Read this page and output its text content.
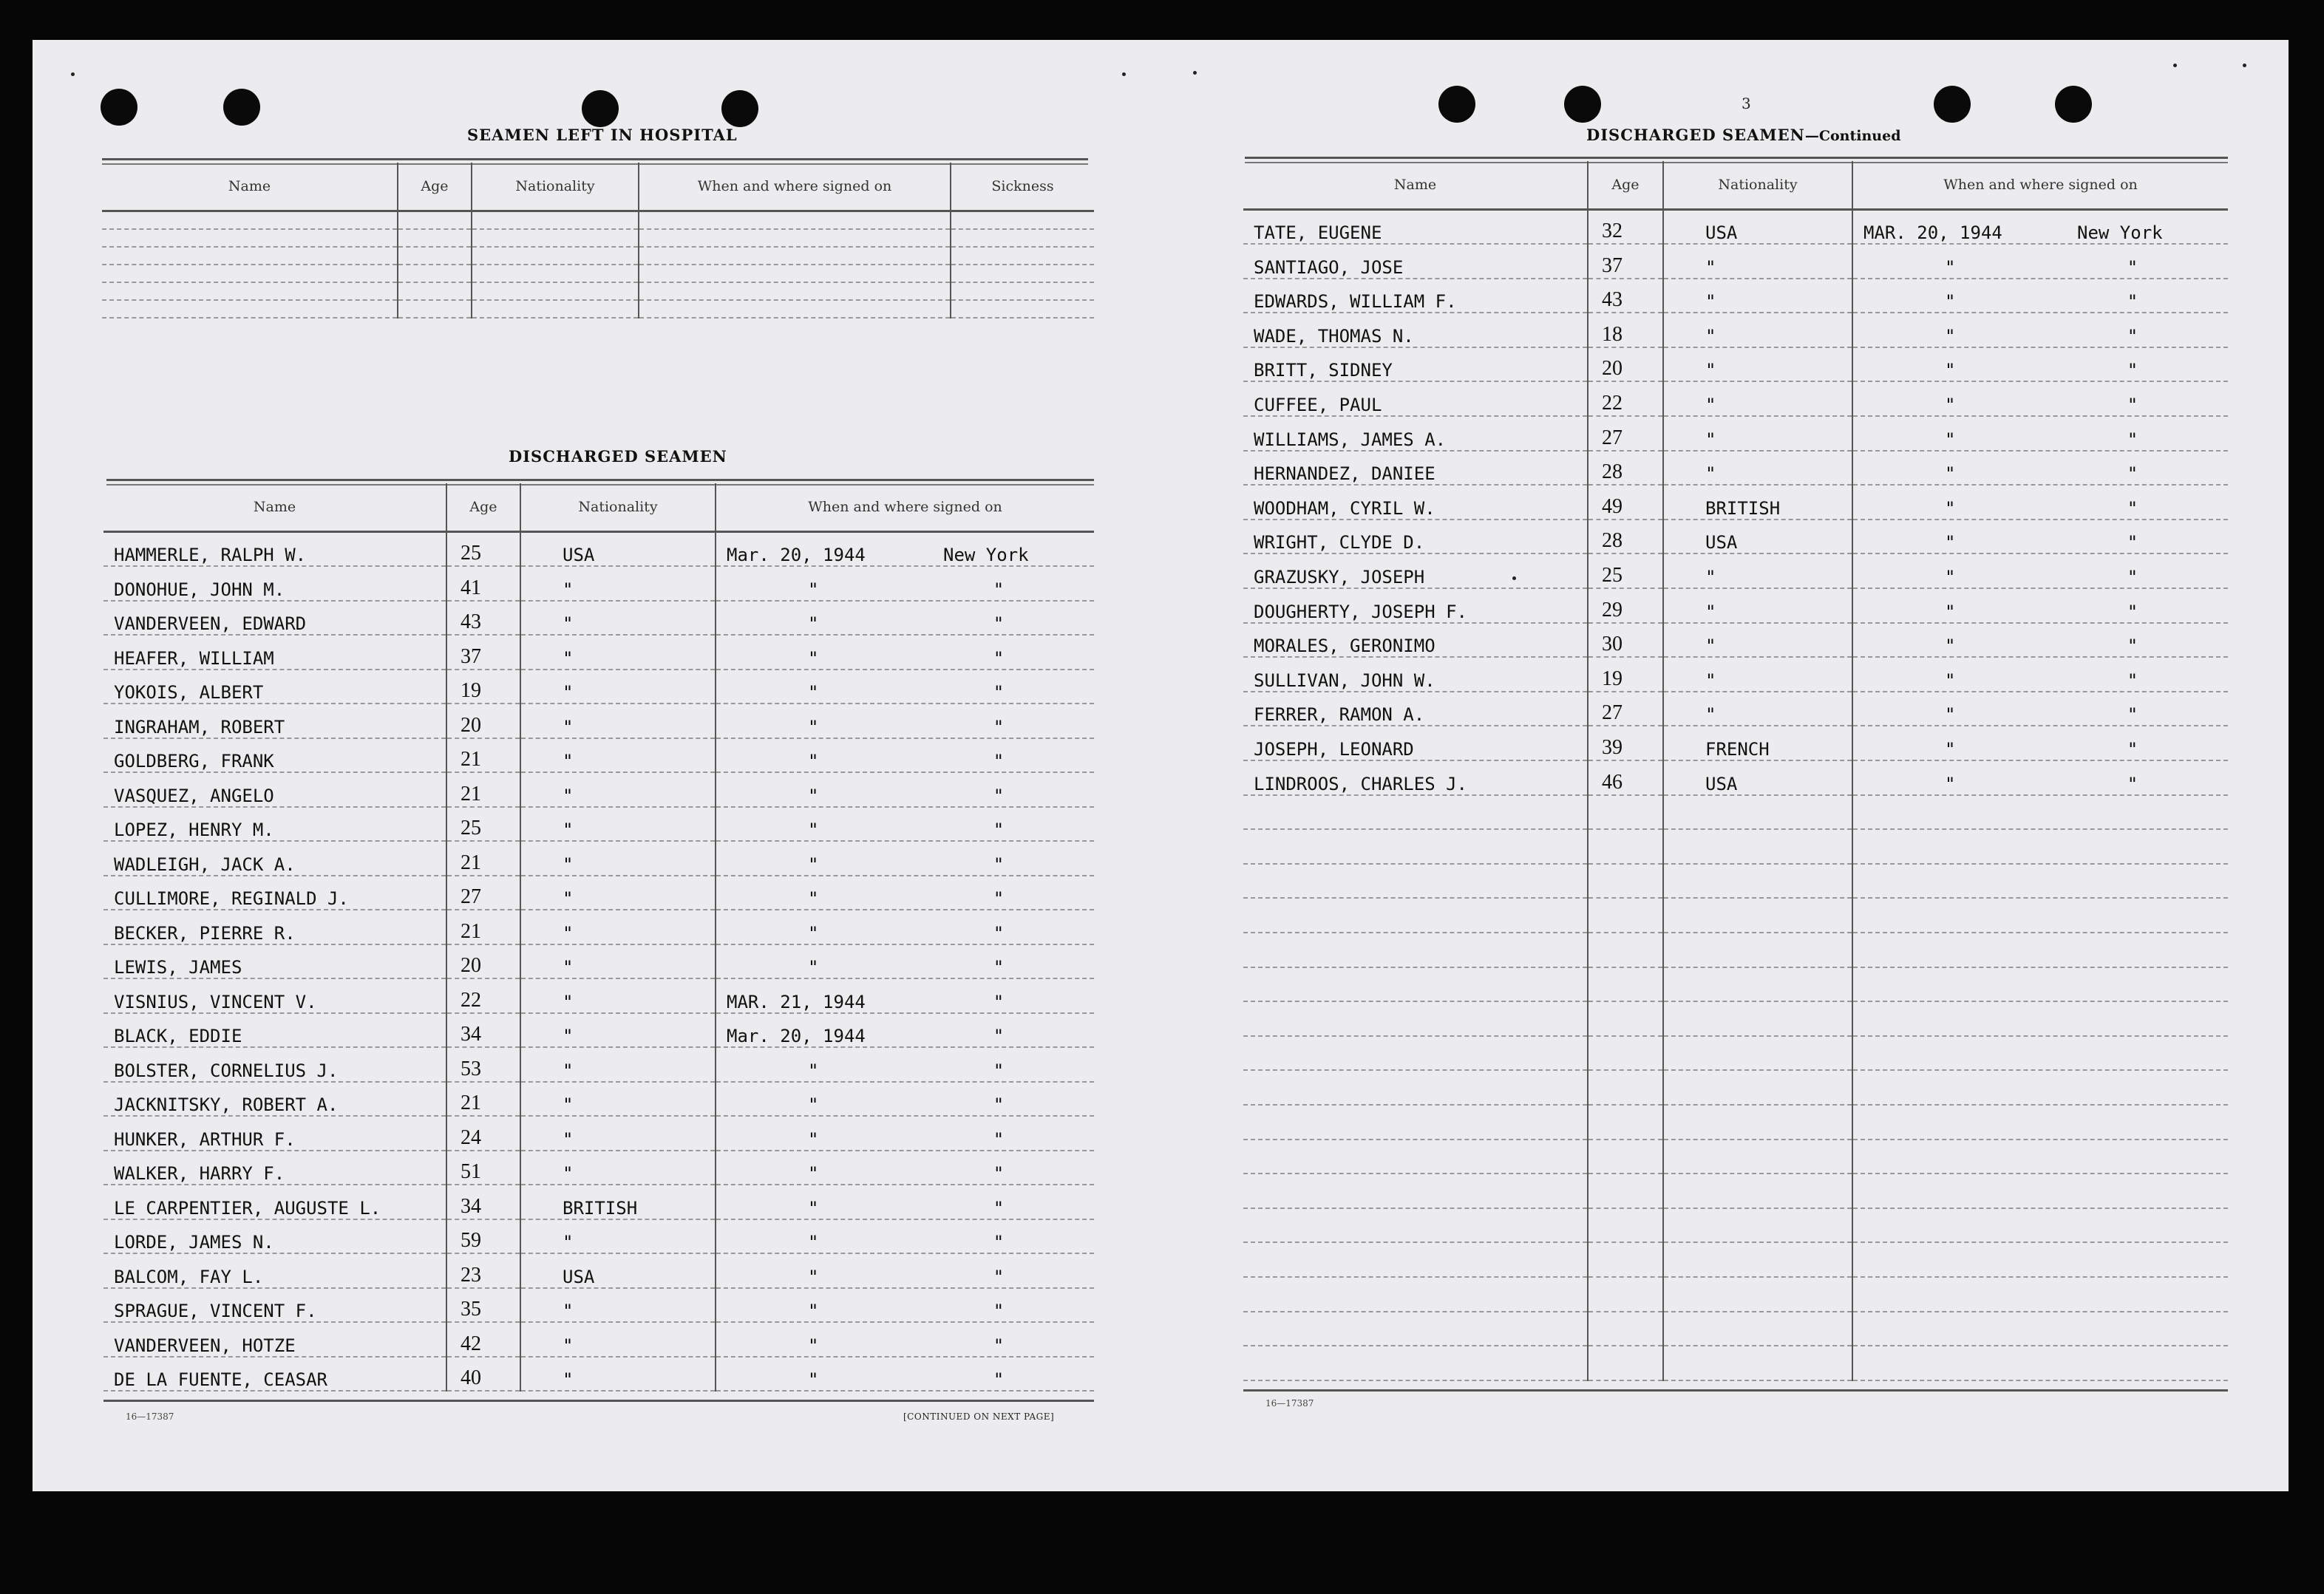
SEAMEN LEFT IN HOSPITAL
Name	Age	Nationality	When and where signed on	Sickness

DISCHARGED SEAMEN
Name	Age	Nationality	When and where signed on
HAMMERLE, RALPH W.	25	USA	Mar. 20, 1944 New York

DONOHUE, JOHN M.	41	"	" "

VANDERVEEN, EDWARD	43	"	" "

HEAFER, WILLIAM	37	"	" "

YOKOIS, ALBERT	19	"	" "

INGRAHAM, ROBERT	20	"	" "

GOLDBERG, FRANK	21	"	" "

VASQUEZ, ANGELO	21	"	" "

LOPEZ, HENRY M.	25	"	" "

WADLEIGH, JACK A.	21	"	" "

CULLIMORE, REGINALD J.	27	"	" "

BECKER, PIERRE R.	21	"	" "

LEWIS, JAMES	20	"	" "

VISNIUS, VINCENT V.	22	"	MAR. 21, 1944 "

BLACK, EDDIE	34	"	Mar. 20, 1944 "

BOLSTER, CORNELIUS J.	53	"	" "

JACKNITSKY, ROBERT A.	21	"	" "

HUNKER, ARTHUR F.	24	"	" "

WALKER, HARRY F.	51	"	" "

LE CARPENTIER, AUGUSTE L.	34	BRITISH	" "

LORDE, JAMES N.	59	"	" "

BALCOM, FAY L.	23	USA	" "

SPRAGUE, VINCENT F.	35	"	" "

VANDERVEEN, HOTZE	42	"	" "

DE LA FUENTE, CEASAR	40	"	" "
16—17387	[CONTINUED ON NEXT PAGE]
3
DISCHARGED SEAMEN—Continued
Name	Age	Nationality	When and where signed on
TATE, EUGENE	32	USA	MAR. 20, 1944 New York

SANTIAGO, JOSE	37	"	" "

EDWARDS, WILLIAM F.	43	"	" "

WADE, THOMAS N.	18	"	" "

BRITT, SIDNEY	20	"	" "

CUFFEE, PAUL	22	"	" "

WILLIAMS, JAMES A.	27	"	" "

HERNANDEZ, DANIEE	28	"	" "

WOODHAM, CYRIL W.	49	BRITISH	" "

WRIGHT, CLYDE D.	28	USA	" "

GRAZUSKY, JOSEPH	25	"	" "

DOUGHERTY, JOSEPH F.	29	"	" "

MORALES, GERONIMO	30	"	" "

SULLIVAN, JOHN W.	19	"	" "

FERRER, RAMON A.	27	"	" "

JOSEPH, LEONARD	39	FRENCH	" "

LINDROOS, CHARLES J.	46	USA	" "

16—17387
